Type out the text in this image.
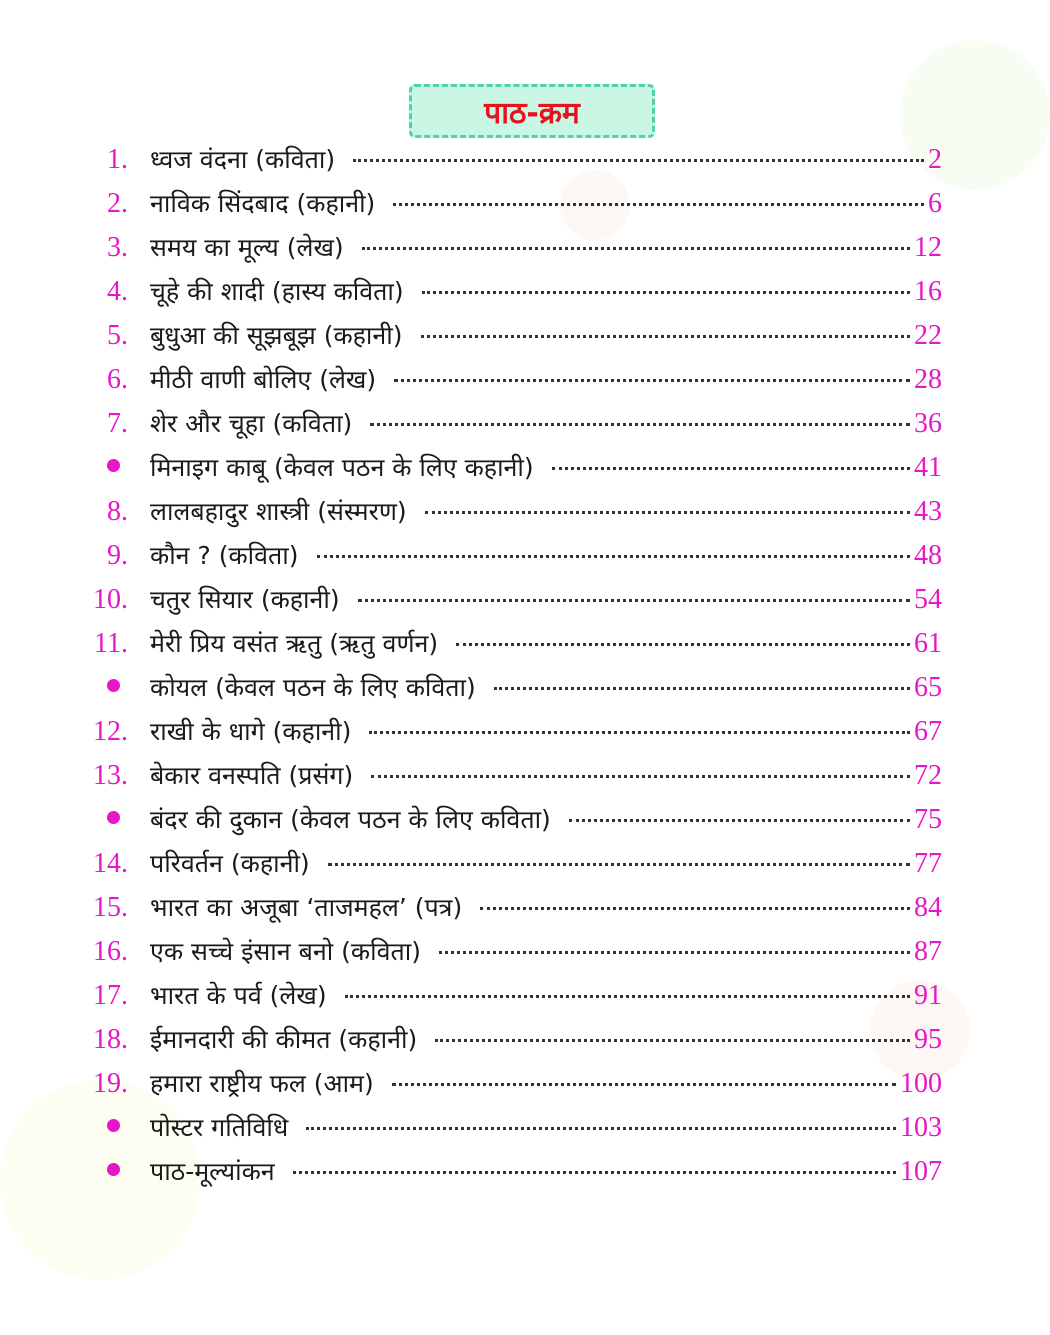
पाठ-क्रम
1. ध्वज वंदना (कविता)	2
2. नाविक सिंदबाद (कहानी)	6
3. समय का मूल्य (लेख)	12
4. चूहे की शादी (हास्य कविता)	16
5. बुधुआ की सूझबूझ (कहानी)	22
6. मीठी वाणी बोलिए (लेख)	28
7. शेर और चूहा (कविता)	36
मिनाइग काबू (केवल पठन के लिए कहानी)	41
8. लालबहादुर शास्त्री (संस्मरण)	43
9. कौन ? (कविता)	48
10. चतुर सियार (कहानी)	54
11. मेरी प्रिय वसंत ऋतु (ऋतु वर्णन)	61
कोयल (केवल पठन के लिए कविता)	65
12. राखी के धागे (कहानी)	67
13. बेकार वनस्पति (प्रसंग)	72
बंदर की दुकान (केवल पठन के लिए कविता)	75
14. परिवर्तन (कहानी)	77
15. भारत का अजूबा ‘ताजमहल’ (पत्र)	84
16. एक सच्चे इंसान बनो (कविता)	87
17. भारत के पर्व (लेख)	91
18. ईमानदारी की कीमत (कहानी)	95
19. हमारा राष्ट्रीय फल (आम)	100
पोस्टर गतिविधि	103
पाठ-मूल्यांकन	107
